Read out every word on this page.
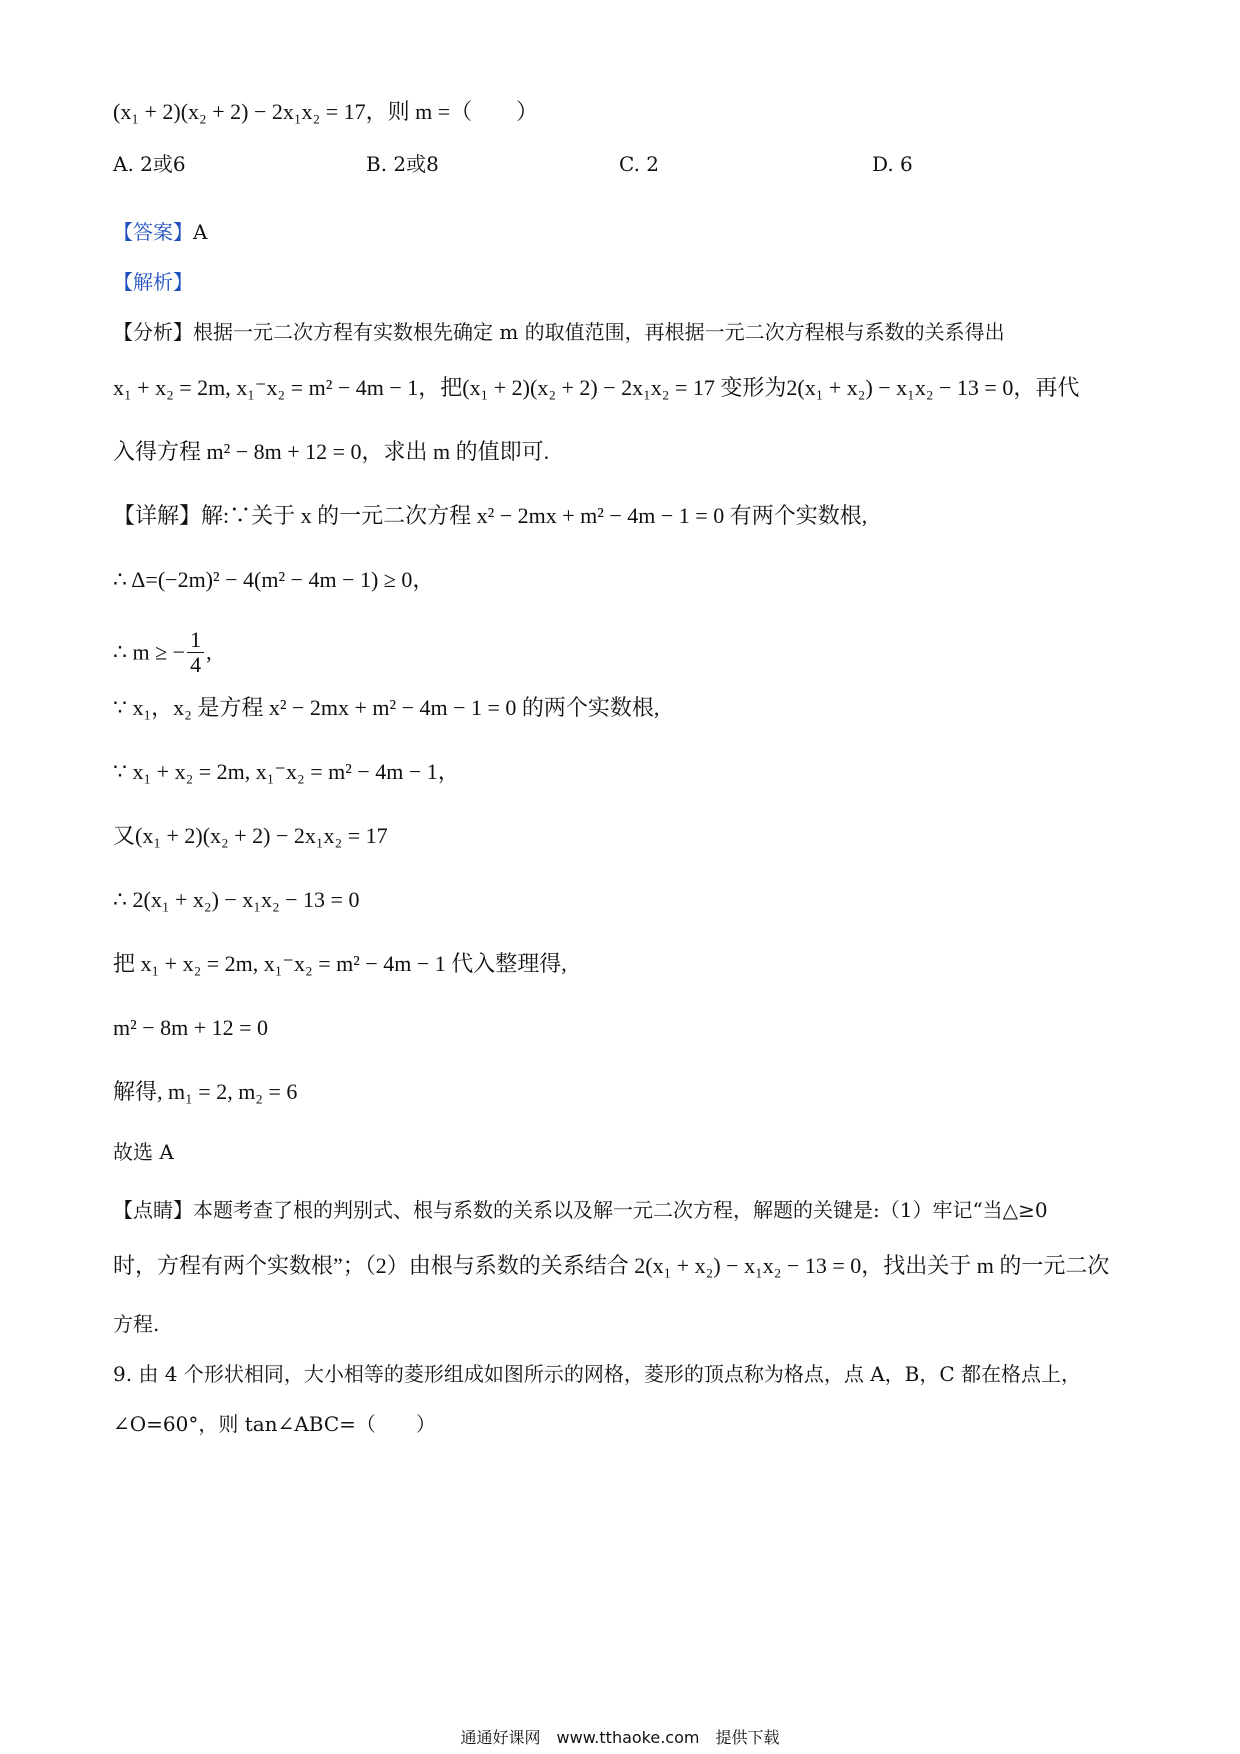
(x₁ + 2)(x₂ + 2) − 2x₁x₂ = 17，则 m =（　　）
A. 2或6	B. 2或8	C. 2	D. 6
【答案】A
【解析】
【分析】根据一元二次方程有实数根先确定 m 的取值范围，再根据一元二次方程根与系数的关系得出
x₁ + x₂ = 2m, x₁⁻x₂ = m² − 4m − 1，把(x₁ + 2)(x₂ + 2) − 2x₁x₂ = 17 变形为2(x₁ + x₂) − x₁x₂ − 13 = 0，再代
入得方程 m² − 8m + 12 = 0，求出 m 的值即可.
【详解】解:∵关于 x 的一元二次方程 x² − 2mx + m² − 4m − 1 = 0 有两个实数根,
∴ Δ=(−2m)² − 4(m² − 4m − 1) ≥ 0，
∴ m ≥ − $\frac{1}{4}$ ,
∵ x₁，x₂ 是方程 x² − 2mx + m² − 4m − 1 = 0 的两个实数根,
∵ x₁ + x₂ = 2m, x₁⁻x₂ = m² − 4m − 1，
又(x₁ + 2)(x₂ + 2) − 2x₁x₂ = 17
∴ 2(x₁ + x₂) − x₁x₂ − 13 = 0
把 x₁ + x₂ = 2m, x₁⁻x₂ = m² − 4m − 1 代入整理得,
m² − 8m + 12 = 0
解得, m₁ = 2, m₂ = 6
故选 A
【点睛】本题考查了根的判别式、根与系数的关系以及解一元二次方程，解题的关键是:（1）牢记“当△≥0
时，方程有两个实数根”；（2）由根与系数的关系结合 2(x₁ + x₂) − x₁x₂ − 13 = 0，找出关于 m 的一元二次
方程.
9. 由 4 个形状相同，大小相等的菱形组成如图所示的网格，菱形的顶点称为格点，点 A，B，C 都在格点上，
∠O=60°，则 tan∠ABC=（　　）
通通好课网　www.tthaoke.com　提供下载
